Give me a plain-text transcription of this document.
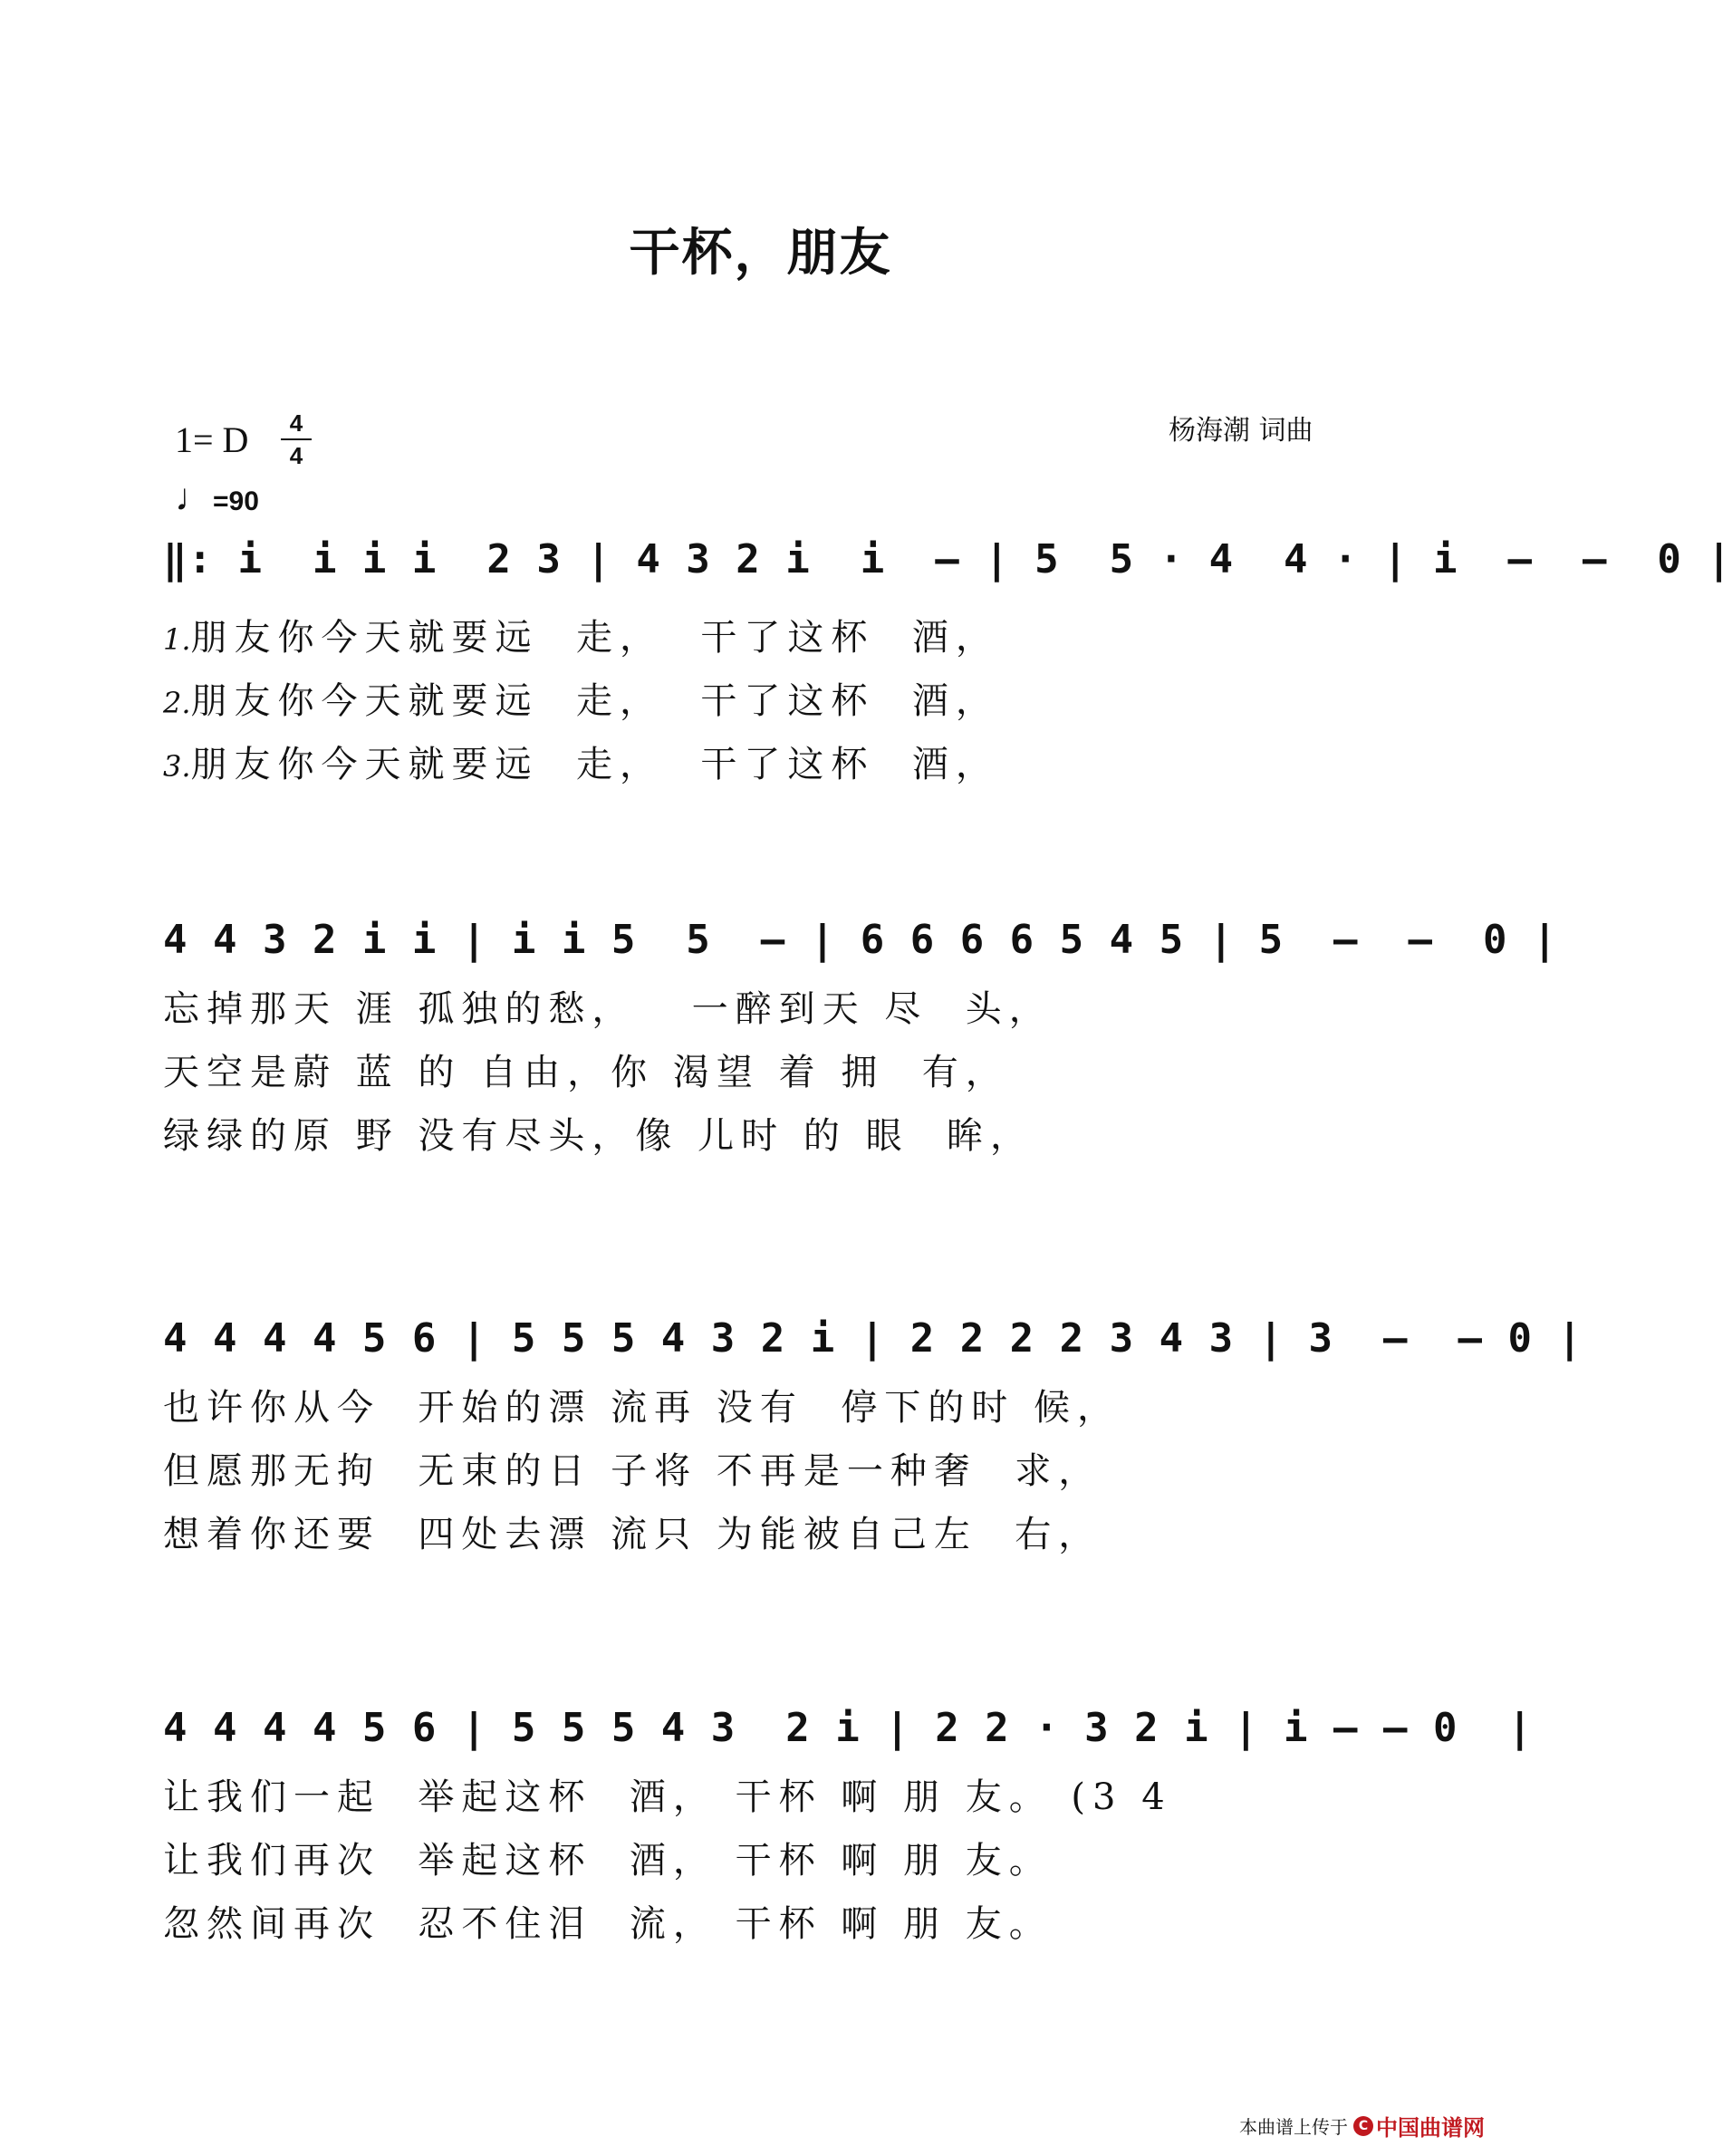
干杯，朋友
杨海潮 词曲
1= D	4
4
♩=90
‖: i  i i i  2 3 | 4 3 2 i  i  — | 5  5 · 4  4 · | i  —  —  0 |
1.朋友你今天就要远  走，  干了这杯  酒，
2.朋友你今天就要远  走，  干了这杯  酒，
3.朋友你今天就要远  走，  干了这杯  酒，
4 4 3 2 i i | i i 5  5  — | 6 6 6 6 5 4 5 | 5  —  —  0 |
忘掉那天 涯 孤独的愁，   一醉到天 尽  头，
天空是蔚 蓝 的 自由，你 渴望 着 拥  有，
绿绿的原 野 没有尽头，像 儿时 的 眼  眸，
4 4 4 4 5 6 | 5 5 5 4 3 2 i | 2 2 2 2 3 4 3 | 3  —  — 0 |
也许你从今  开始的漂 流再 没有  停下的时 候，
但愿那无拘  无束的日 子将 不再是一种奢  求，
想着你还要  四处去漂 流只 为能被自己左  右，
4 4 4 4 5 6 | 5 5 5 4 3  2 i | 2 2 · 3 2 i | i — — 0  |
让我们一起  举起这杯  酒， 干杯 啊 朋 友。 (3 4
让我们再次  举起这杯  酒， 干杯 啊 朋 友。
忽然间再次  忍不住泪  流， 干杯 啊 朋 友。
本曲谱上传于 C 中国曲谱网
